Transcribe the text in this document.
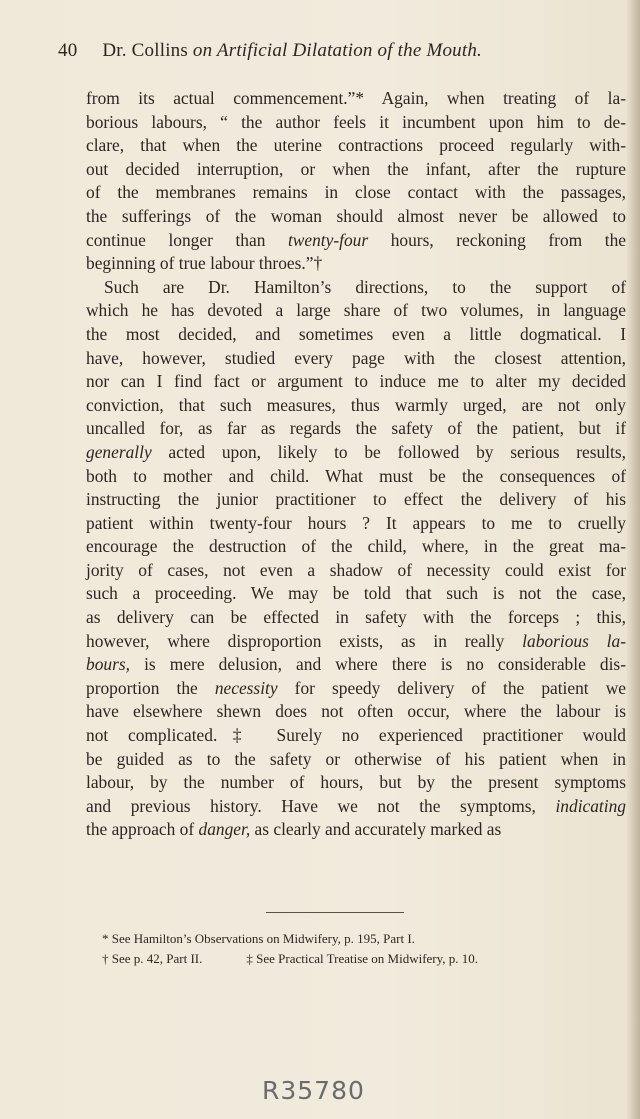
40 Dr. Collins on Artificial Dilatation of the Mouth.
from its actual commencement.”* Again, when treating of la-
borious labours, “ the author feels it incumbent upon him to de-
clare, that when the uterine contractions proceed regularly with-
out decided interruption, or when the infant, after the rupture
of the membranes remains in close contact with the passages,
the sufferings of the woman should almost never be allowed to
continue longer than twenty-four hours, reckoning from the
beginning of true labour throes.”†
Such are Dr. Hamilton’s directions, to the support of
which he has devoted a large share of two volumes, in language
the most decided, and sometimes even a little dogmatical. I
have, however, studied every page with the closest attention,
nor can I find fact or argument to induce me to alter my decided
conviction, that such measures, thus warmly urged, are not only
uncalled for, as far as regards the safety of the patient, but if
generally acted upon, likely to be followed by serious results,
both to mother and child. What must be the consequences of
instructing the junior practitioner to effect the delivery of his
patient within twenty-four hours ? It appears to me to cruelly
encourage the destruction of the child, where, in the great ma-
jority of cases, not even a shadow of necessity could exist for
such a proceeding. We may be told that such is not the case,
as delivery can be effected in safety with the forceps ; this,
however, where disproportion exists, as in really laborious la-
bours, is mere delusion, and where there is no considerable dis-
proportion the necessity for speedy delivery of the patient we
have elsewhere shewn does not often occur, where the labour is
not complicated.‡ Surely no experienced practitioner would
be guided as to the safety or otherwise of his patient when in
labour, by the number of hours, but by the present symptoms
and previous history. Have we not the symptoms, indicating
the approach of danger, as clearly and accurately marked as
* See Hamilton’s Observations on Midwifery, p. 195, Part I.
† See p. 42, Part II.	‡ See Practical Treatise on Midwifery, p. 10.
R35780
